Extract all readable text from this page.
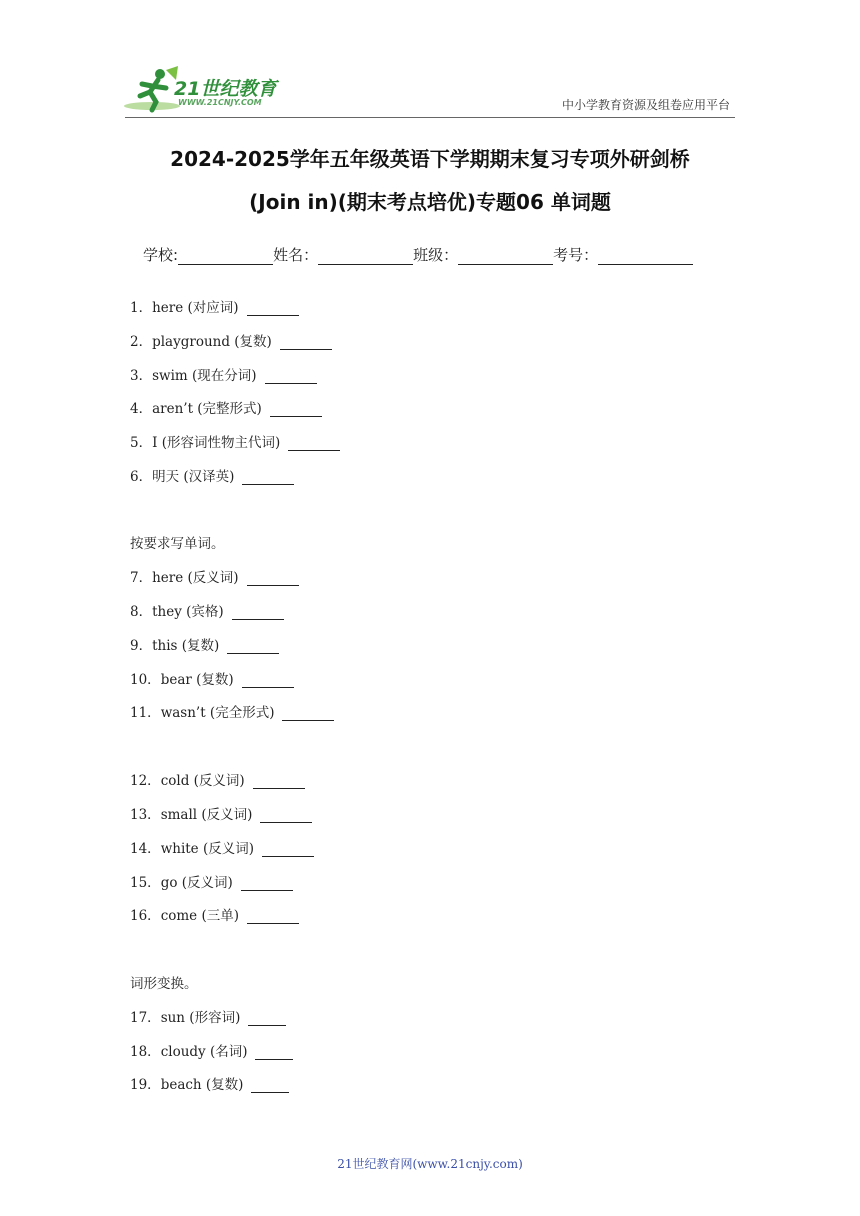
21世纪教育
WWW.21CNJY.COM	中小学教育资源及组卷应用平台
2024-2025学年五年级英语下学期期末复习专项外研剑桥
(Join in)(期末考点培优)专题06 单词题
学校:	姓名：	班级：	考号：
1． here (对应词)
2． playground (复数)
3． swim (现在分词)
4． aren’t (完整形式)
5． I (形容词性物主代词)
6． 明天 (汉译英)
按要求写单词。
7． here (反义词)
8． they (宾格)
9． this (复数)
10． bear (复数)
11． wasn’t (完全形式)
12． cold (反义词)
13． small (反义词)
14． white (反义词)
15． go (反义词)
16． come (三单)
词形变换。
17． sun (形容词)
18． cloudy (名词)
19． beach (复数)
21世纪教育网(www.21cnjy.com)
